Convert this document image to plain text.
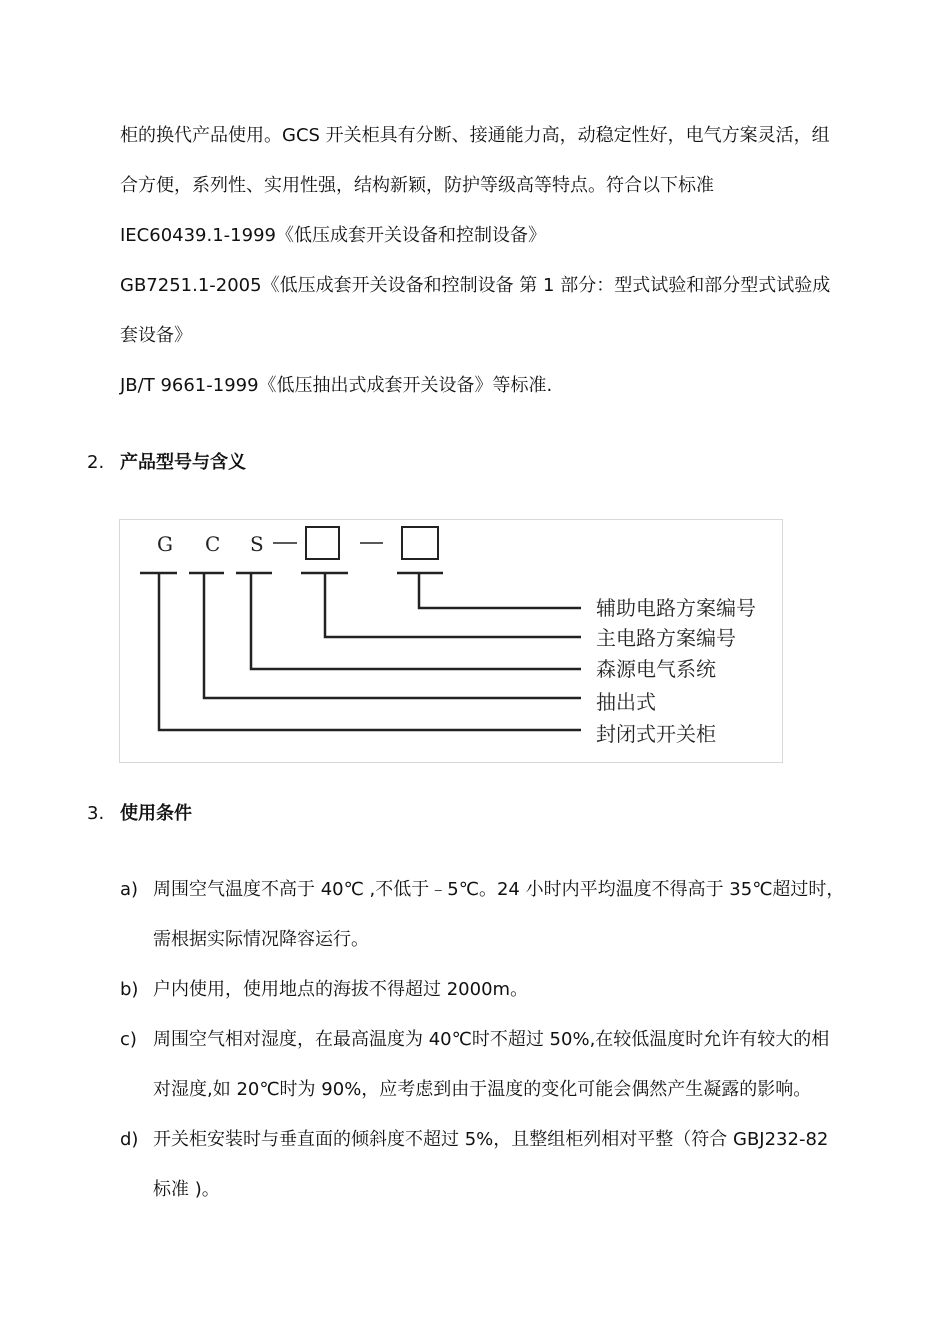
柜的换代产品使用。GCS 开关柜具有分断、接通能力高，动稳定性好，电气方案灵活，组
合方便，系列性、实用性强，结构新颖，防护等级高等特点。符合以下标准
IEC60439.1-1999《低压成套开关设备和控制设备》
GB7251.1-2005《低压成套开关设备和控制设备 第 1 部分：型式试验和部分型式试验成
套设备》
JB/T 9661-1999《低压抽出式成套开关设备》等标准.
2. 产品型号与含义
G C S
辅助电路方案编号
主电路方案编号
森源电气系统
抽出式
封闭式开关柜
3. 使用条件
a) 周围空气温度不高于 40℃ ,不低于﹣5℃。24 小时内平均温度不得高于 35℃超过时，
需根据实际情况降容运行。
b) 户内使用，使用地点的海拔不得超过 2000m。
c) 周围空气相对湿度，在最高温度为 40℃时不超过 50%,在较低温度时允许有较大的相
对湿度,如 20℃时为 90%，应考虑到由于温度的变化可能会偶然产生凝露的影响。
d) 开关柜安装时与垂直面的倾斜度不超过 5%，且整组柜列相对平整（符合 GBJ232-82
标准 )。
